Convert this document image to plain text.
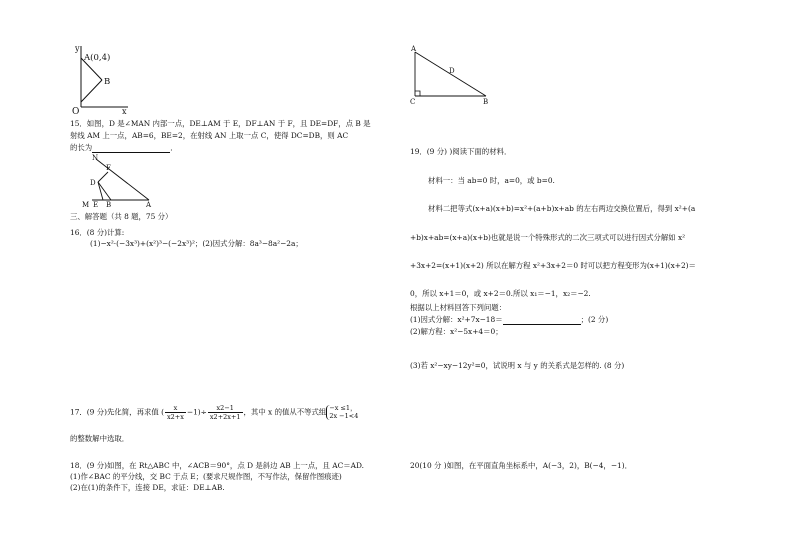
y
x
O
A(0,4)
B
15．如图，D 是∠MAN 内部一点，DE⊥AM 于 E，DF⊥AN 于 F，且 DE=DF，点 B 是
射线 AM 上一点，AB=6，BE=2，在射线 AN 上取一点 C，使得 DC=DB，则 AC
的长为	．
N
F
D
M E B	A
三、解答题（共 8 题，75 分）
16．(8 分)计算:
(1)−x²·(−3x³)+(x²)³−(−2x³)²；(2)因式分解：8a³−8a²−2a；
17．(9 分)先化简，再求值 ( $\frac{x}{x2+x} -1)\div \frac{x2-1}{x2+2x+1}$ ，其中 x 的值从不等式组 −x ≤1，
2x −1<4
的整数解中选取．
18．(9 分)如图，在 Rt△ABC 中，∠ACB＝90°，点 D 是斜边 AB 上一点，且 AC＝AD.
(1)作∠BAC 的平分线，交 BC 于点 E；(要求尺规作图，不写作法，保留作图痕迹)
(2)在(1)的条件下，连接 DE，求证：DE⊥AB.
A
D
C	B
19．(9 分) )阅读下面的材料．
材料一：当 ab=0 时，a=0，或 b=0.
材料二把等式(x+a)(x+b)=x²+(a+b)x+ab 的左右两边交换位置后，得到 x²+(a
+b)x+ab=(x+a)(x+b)也就是说一个特殊形式的二次三项式可以进行因式分解如 x²
+3x+2=(x+1)(x+2) 所以在解方程 x²+3x+2＝0 时可以把方程变形为(x+1)(x+2)＝
0，所以 x+1＝0，或 x+2＝0.所以 x₁＝−1，x₂＝−2.
根据以上材料回答下列问题：
(1)因式分解：x²+7x−18＝	；(2 分)
(2)解方程：x²−5x+4＝0；
(3)若 x²−xy−12y²=0，试说明 x 与 y 的关系式是怎样的. (8 分)
20(10 分 )如图，在平面直角坐标系中，A(−3，2)，B(−4，−1)．
